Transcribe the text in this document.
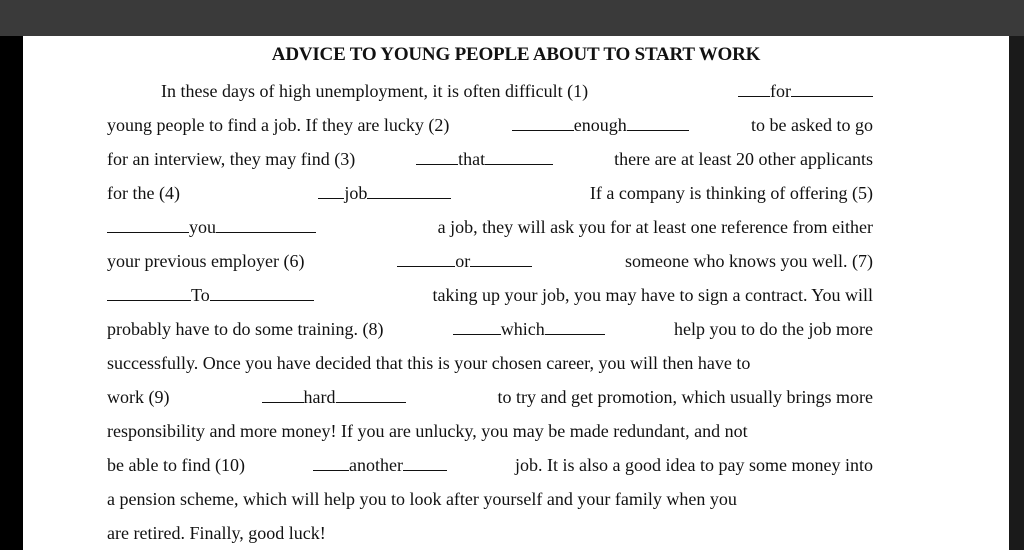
ADVICE TO YOUNG PEOPLE ABOUT TO START WORK
In these days of high unemployment, it is often difficult (1)	for
young people to find a job. If they are lucky (2)	enough	to be asked to go
for an interview, they may find (3)	that	there are at least 20 other applicants
for the (4)	job	If a company is thinking of offering (5)
you	a job, they will ask you for at least one reference from either
your previous employer (6)	or	someone who knows you well. (7)
To	taking up your job, you may have to sign a contract. You will
probably have to do some training. (8)	which	help you to do the job more
successfully. Once you have decided that this is your chosen career, you will then have to
work (9)	hard	to try and get promotion, which usually brings more
responsibility and more money! If you are unlucky, you may be made redundant, and not
be able to find (10)	another	job. It is also a good idea to pay some money into
a pension scheme, which will help you to look after yourself and your family when you
are retired. Finally, good luck!
